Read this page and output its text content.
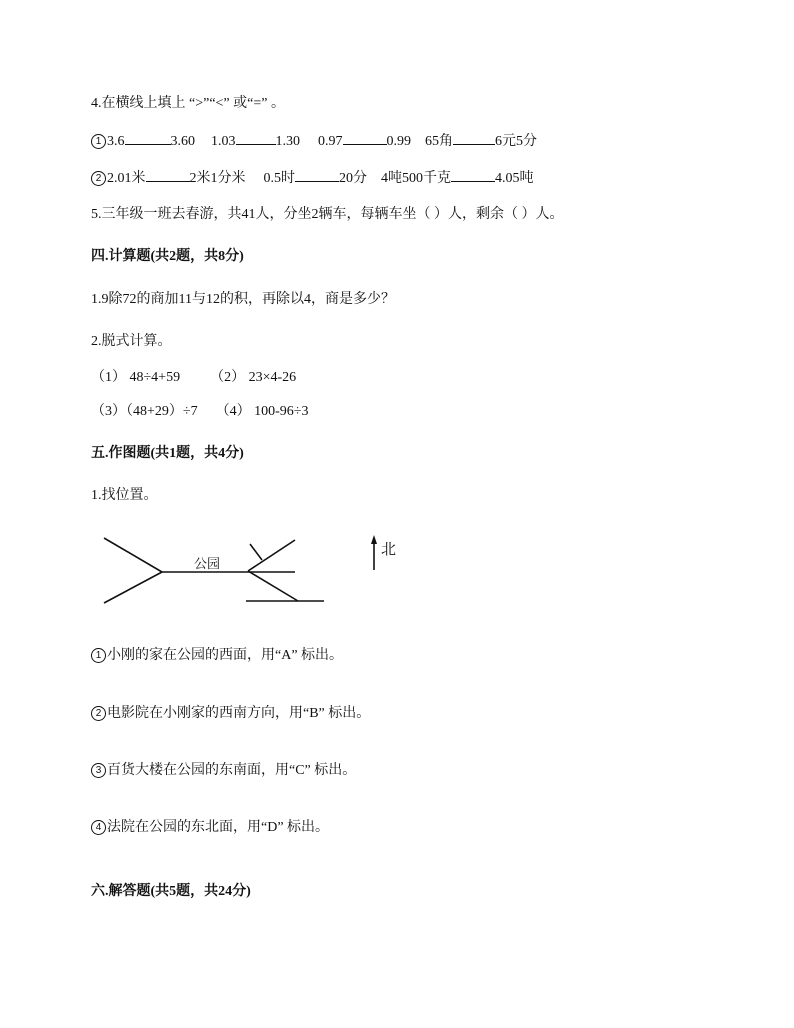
4.在横线上填上 “>”“<” 或“=” 。
1 3.6	3.60 1.03	1.30 0.97	0.99 65角	6元5分
2 2.01米	2米1分米 0.5时	20分 4吨500千克	4.05吨
5.三年级一班去春游，共41人，分坐2辆车，每辆车坐（ ）人，剩余（ ）人。
四.计算题(共2题，共8分)
1.9除72的商加11与12的积，再除以4，商是多少？
2.脱式计算。
（1） 48÷4+59 （2） 23×4-26
（3）（48+29）÷7 （4） 100-96÷3
五.作图题(共1题，共4分)
1.找位置。
公园
北
1 小刚的家在公园的西面，用“A” 标出。
2 电影院在小刚家的西南方向，用“B” 标出。
3 百货大楼在公园的东南面，用“C” 标出。
4 法院在公园的东北面，用“D” 标出。
六.解答题(共5题，共24分)
